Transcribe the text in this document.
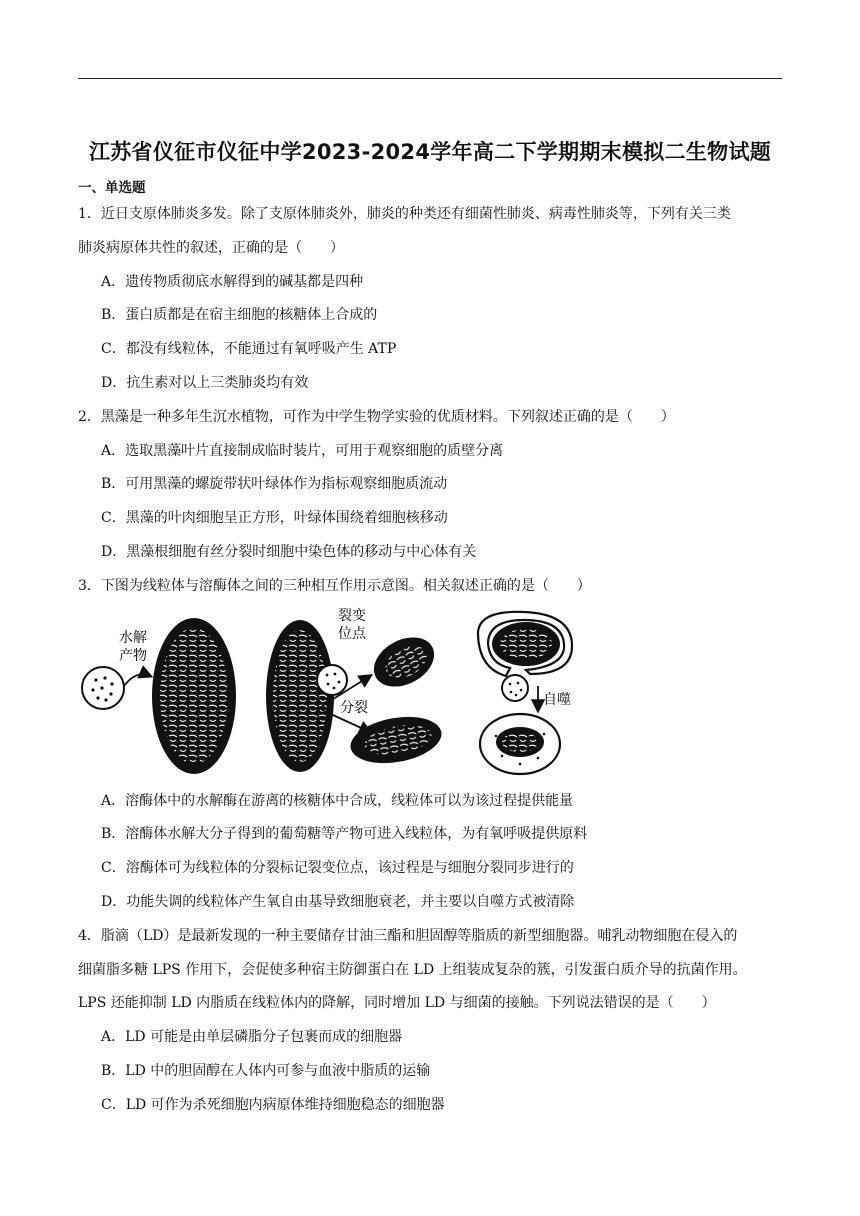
江苏省仪征市仪征中学2023-2024学年高二下学期期末模拟二生物试题
一、单选题
1．近日支原体肺炎多发。除了支原体肺炎外，肺炎的种类还有细菌性肺炎、病毒性肺炎等，下列有关三类
肺炎病原体共性的叙述，正确的是（　　）
A．遗传物质彻底水解得到的碱基都是四种
B．蛋白质都是在宿主细胞的核糖体上合成的
C．都没有线粒体，不能通过有氧呼吸产生 ATP
D．抗生素对以上三类肺炎均有效
2．黑藻是一种多年生沉水植物，可作为中学生物学实验的优质材料。下列叙述正确的是（　　）
A．选取黑藻叶片直接制成临时装片，可用于观察细胞的质壁分离
B．可用黑藻的螺旋带状叶绿体作为指标观察细胞质流动
C．黑藻的叶肉细胞呈正方形，叶绿体围绕着细胞核移动
D．黑藻根细胞有丝分裂时细胞中染色体的移动与中心体有关
3．下图为线粒体与溶酶体之间的三种相互作用示意图。相关叙述正确的是（　　）
水解
产物
裂变
位点
分裂	自噬
A．溶酶体中的水解酶在游离的核糖体中合成，线粒体可以为该过程提供能量
B．溶酶体水解大分子得到的葡萄糖等产物可进入线粒体，为有氧呼吸提供原料
C．溶酶体可为线粒体的分裂标记裂变位点，该过程是与细胞分裂同步进行的
D．功能失调的线粒体产生氧自由基导致细胞衰老，并主要以自噬方式被清除
4．脂滴（LD）是最新发现的一种主要储存甘油三酯和胆固醇等脂质的新型细胞器。哺乳动物细胞在侵入的
细菌脂多糖 LPS 作用下，会促使多种宿主防御蛋白在 LD 上组装成复杂的簇，引发蛋白质介导的抗菌作用。
LPS 还能抑制 LD 内脂质在线粒体内的降解，同时增加 LD 与细菌的接触。下列说法错误的是（　　）
A．LD 可能是由单层磷脂分子包裹而成的细胞器
B．LD 中的胆固醇在人体内可参与血液中脂质的运输
C．LD 可作为杀死细胞内病原体维持细胞稳态的细胞器
